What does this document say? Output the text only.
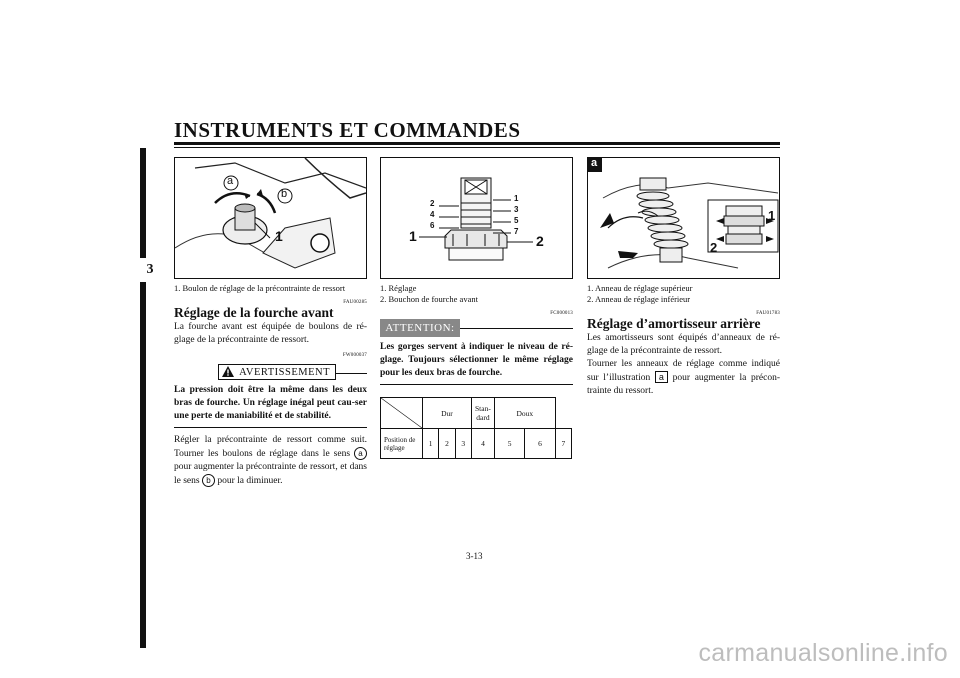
INSTRUMENTS ET COMMANDES
3
a
b
1
1. Boulon de réglage de la précontrainte de ressort
FAU00285
Réglage de la fourche avant
La fourche avant est équipée de boulons de ré-glage de la précontrainte de ressort.
FW000037
AVERTISSEMENT
La pression doit être la même dans les deux bras de fourche. Un réglage inégal peut cau-ser une perte de maniabilité et de stabilité.
Régler la précontrainte de ressort comme suit. Tourner les boulons de réglage dans le sens a pour augmenter la précontrainte de ressort, et dans le sens b pour la diminuer.
2
4
6
1
3
5
7
1	2
1. Réglage
2. Bouchon de fourche avant
FC000013
ATTENTION:
Les gorges servent à indiquer le niveau de ré-glage. Toujours sélectionner le même réglage pour les deux bras de fourche.
	Dur			Stan-dard	Doux		
Position de réglage	1	2	3	4	5	6	7
a
1
2
1. Anneau de réglage supérieur
2. Anneau de réglage inférieur
FAU01783
Réglage d’amortisseur arrière
Les amortisseurs sont équipés d’anneaux de ré-glage de la précontrainte de ressort.
Tourner les anneaux de réglage comme indiqué sur l’illustration a pour augmenter la précon-trainte du ressort.
3-13
carmanualsonline.info
